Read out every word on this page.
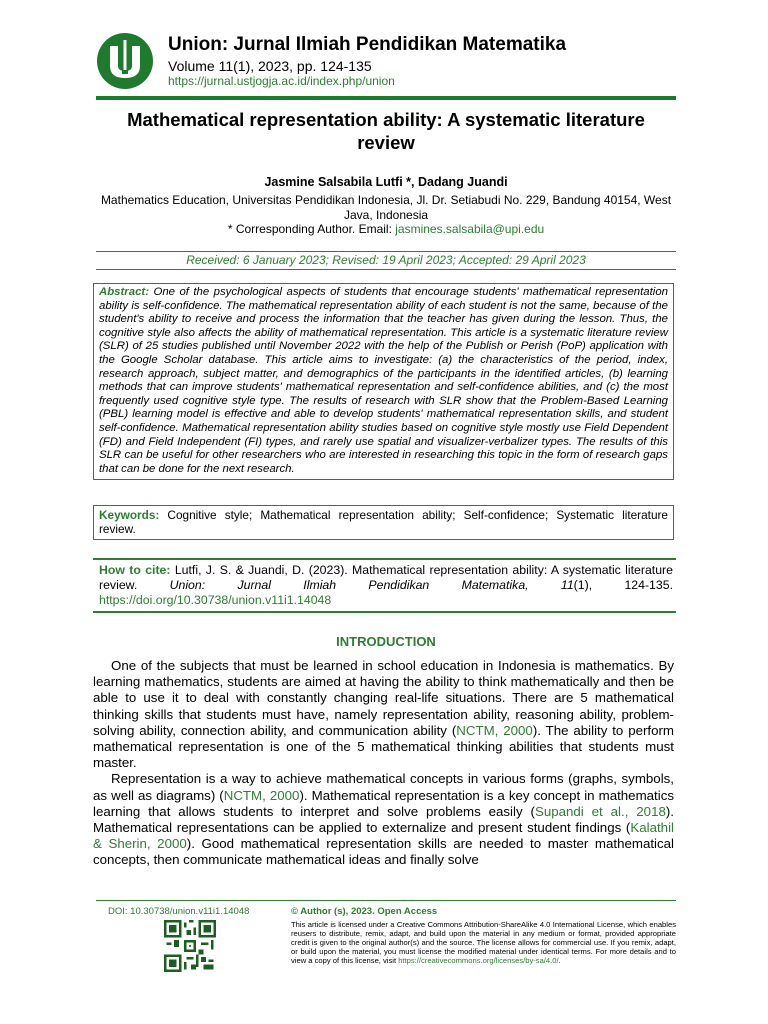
Union: Jurnal Ilmiah Pendidikan Matematika
Volume 11(1), 2023, pp. 124-135
https://jurnal.ustjogja.ac.id/index.php/union
Mathematical representation ability: A systematic literature review
Jasmine Salsabila Lutfi *, Dadang Juandi
Mathematics Education, Universitas Pendidikan Indonesia, Jl. Dr. Setiabudi No. 229, Bandung 40154, West Java, Indonesia
* Corresponding Author. Email: jasmines.salsabila@upi.edu
Received: 6 January 2023; Revised: 19 April 2023; Accepted: 29 April 2023
Abstract: One of the psychological aspects of students that encourage students' mathematical representation ability is self-confidence. The mathematical representation ability of each student is not the same, because of the student's ability to receive and process the information that the teacher has given during the lesson. Thus, the cognitive style also affects the ability of mathematical representation. This article is a systematic literature review (SLR) of 25 studies published until November 2022 with the help of the Publish or Perish (PoP) application with the Google Scholar database. This article aims to investigate: (a) the characteristics of the period, index, research approach, subject matter, and demographics of the participants in the identified articles, (b) learning methods that can improve students' mathematical representation and self-confidence abilities, and (c) the most frequently used cognitive style type. The results of research with SLR show that the Problem-Based Learning (PBL) learning model is effective and able to develop students' mathematical representation skills, and student self-confidence. Mathematical representation ability studies based on cognitive style mostly use Field Dependent (FD) and Field Independent (FI) types, and rarely use spatial and visualizer-verbalizer types. The results of this SLR can be useful for other researchers who are interested in researching this topic in the form of research gaps that can be done for the next research.
Keywords: Cognitive style; Mathematical representation ability; Self-confidence; Systematic literature review.
How to cite: Lutfi, J. S. & Juandi, D. (2023). Mathematical representation ability: A systematic literature review. Union: Jurnal Ilmiah Pendidikan Matematika, 11(1), 124-135. https://doi.org/10.30738/union.v11i1.14048
INTRODUCTION

One of the subjects that must be learned in school education in Indonesia is mathematics. By learning mathematics, students are aimed at having the ability to think mathematically and then be able to use it to deal with constantly changing real-life situations. There are 5 mathematical thinking skills that students must have, namely representation ability, reasoning ability, problem-solving ability, connection ability, and communication ability (NCTM, 2000). The ability to perform mathematical representation is one of the 5 mathematical thinking abilities that students must master.

Representation is a way to achieve mathematical concepts in various forms (graphs, symbols, as well as diagrams) (NCTM, 2000). Mathematical representation is a key concept in mathematics learning that allows students to interpret and solve problems easily (Supandi et al., 2018). Mathematical representations can be applied to externalize and present student findings (Kalathil & Sherin, 2000). Good mathematical representation skills are needed to master mathematical concepts, then communicate mathematical ideas and finally solve

DOI: 10.30738/union.v11i1.14048	© Author (s), 2023. Open Access
This article is licensed under a Creative Commons Attribution-ShareAlike 4.0 International License, which enables reusers to distribute, remix, adapt, and build upon the material in any medium or format, provided appropriate credit is given to the original author(s) and the source. The license allows for commercial use. If you remix, adapt, or build upon the material, you must license the modified material under identical terms. For more details and to view a copy of this license, visit https://creativecommons.org/licenses/by-sa/4.0/.
